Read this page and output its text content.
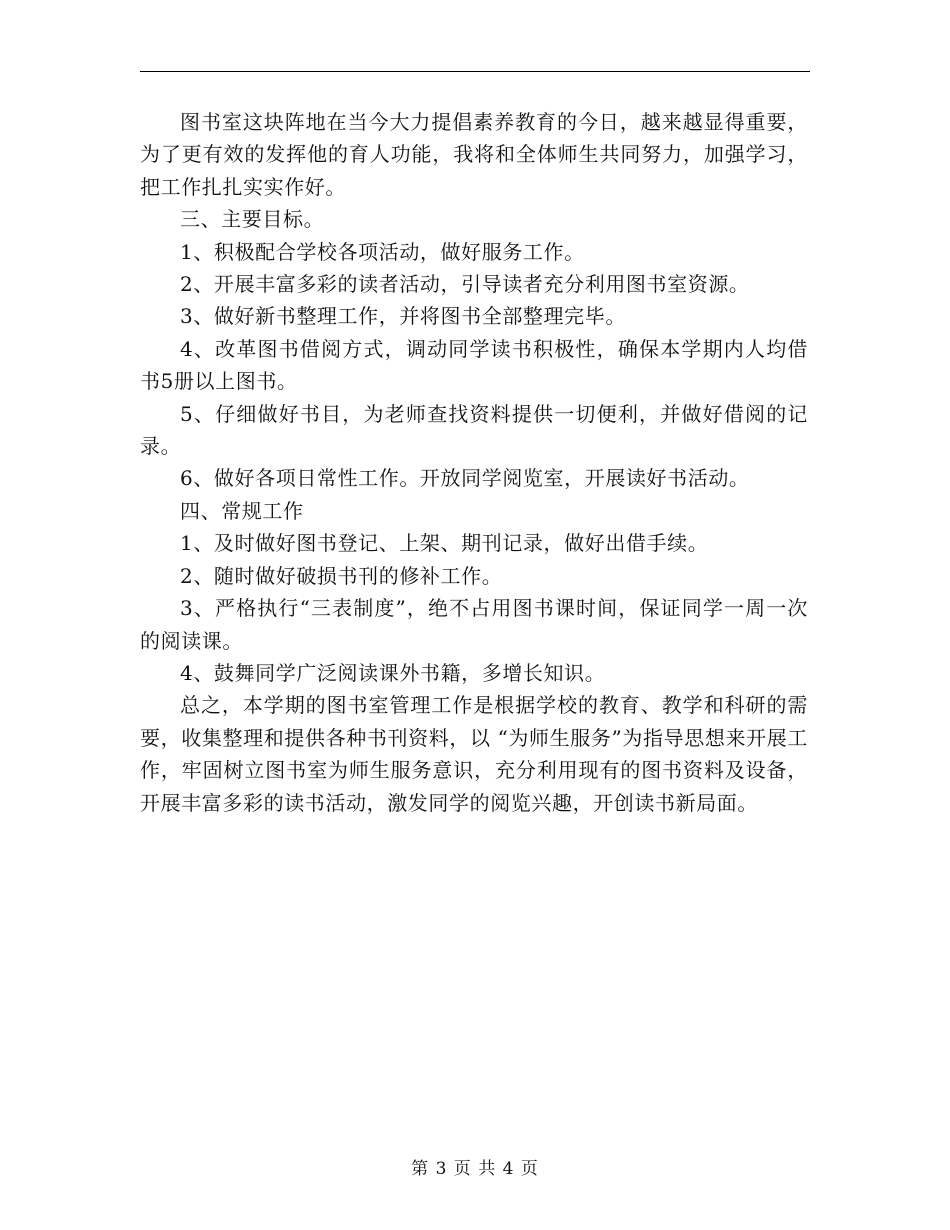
图书室这块阵地在当今大力提倡素养教育的今日，越来越显得重要，为了更有效的发挥他的育人功能，我将和全体师生共同努力，加强学习，把工作扎扎实实作好。

三、主要目标。

1、积极配合学校各项活动，做好服务工作。

2、开展丰富多彩的读者活动，引导读者充分利用图书室资源。

3、做好新书整理工作，并将图书全部整理完毕。

4、改革图书借阅方式，调动同学读书积极性，确保本学期内人均借书5册以上图书。

5、仔细做好书目，为老师查找资料提供一切便利，并做好借阅的记录。

6、做好各项日常性工作。开放同学阅览室，开展读好书活动。

四、常规工作

1、及时做好图书登记、上架、期刊记录，做好出借手续。

2、随时做好破损书刊的修补工作。

3、严格执行“三表制度”，绝不占用图书课时间，保证同学一周一次的阅读课。

4、鼓舞同学广泛阅读课外书籍，多增长知识。

总之，本学期的图书室管理工作是根据学校的教育、教学和科研的需要，收集整理和提供各种书刊资料，以 “为师生服务”为指导思想来开展工作，牢固树立图书室为师生服务意识，充分利用现有的图书资料及设备，开展丰富多彩的读书活动，激发同学的阅览兴趣，开创读书新局面。

第 3 页 共 4 页
